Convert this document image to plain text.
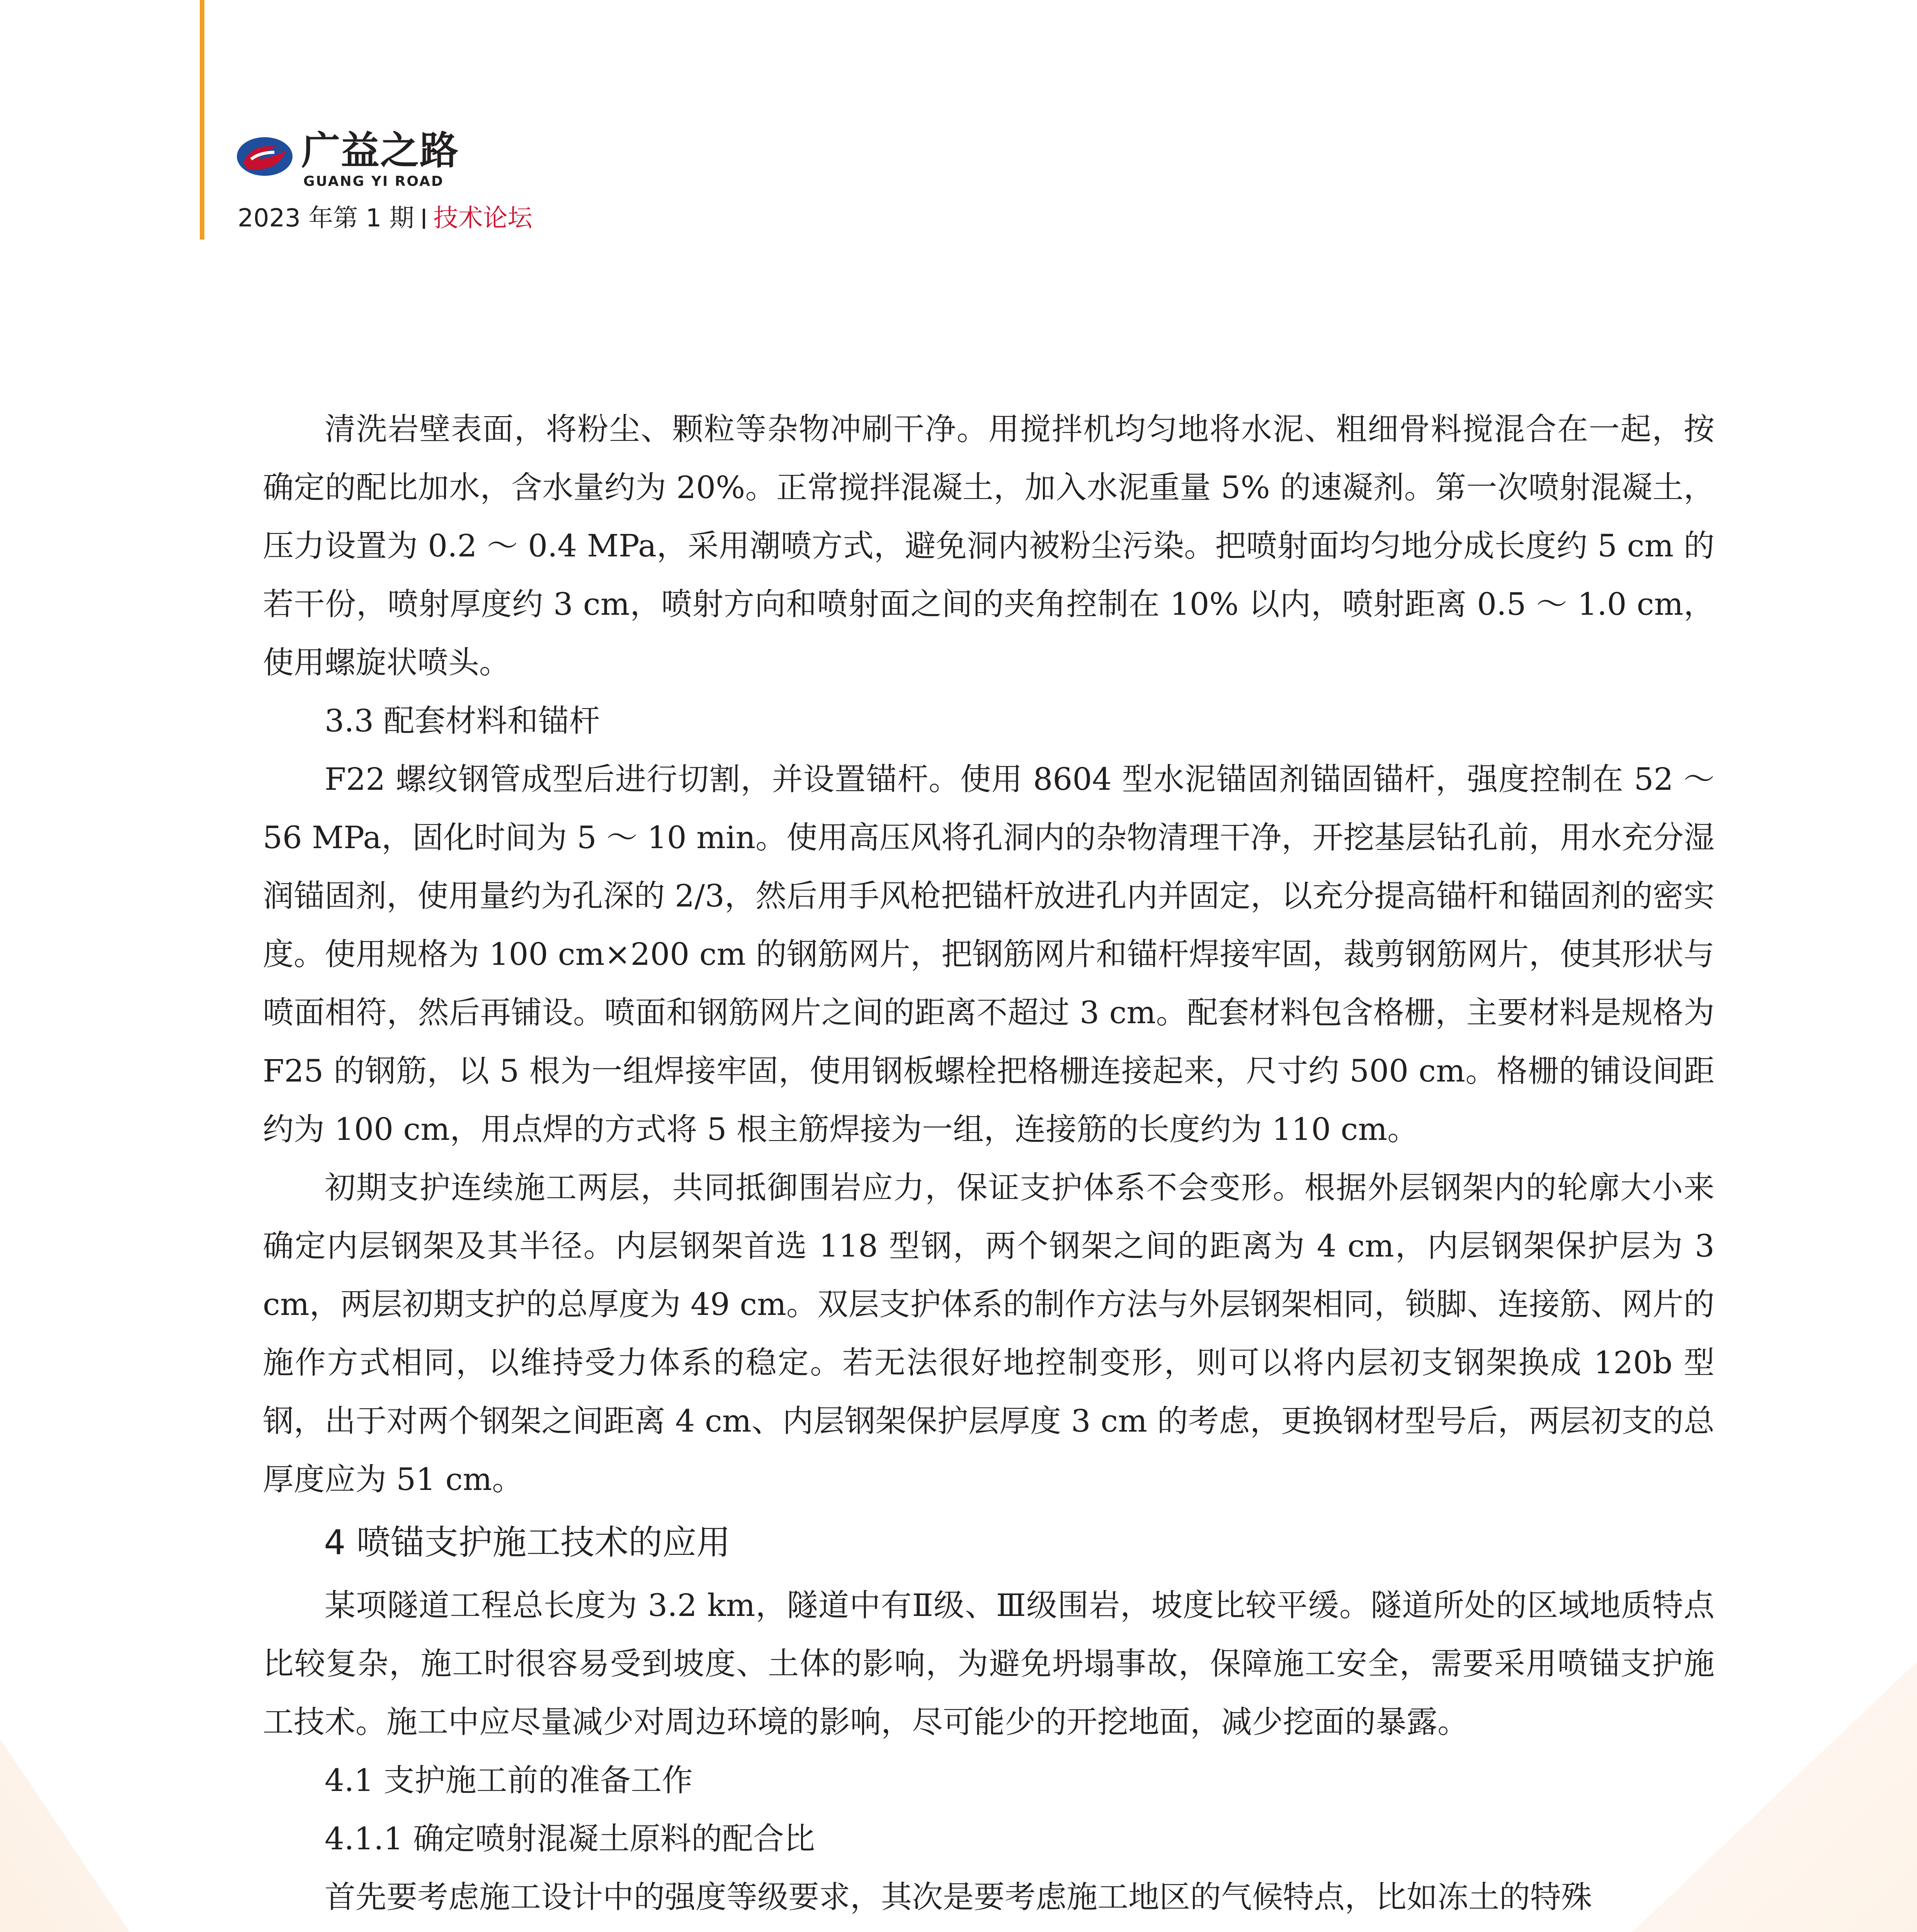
广益之路
GUANG YI ROAD
2023 年第 1 期 技术论坛

清洗岩壁表面，将粉尘、颗粒等杂物冲刷干净。用搅拌机均匀地将水泥、粗细骨料搅混合在一起，按确定的配比加水，含水量约为 20%。正常搅拌混凝土，加入水泥重量 5% 的速凝剂。第一次喷射混凝土，压力设置为 0.2 ～ 0.4 MPa，采用潮喷方式，避免洞内被粉尘污染。把喷射面均匀地分成长度约 5 cm 的若干份，喷射厚度约 3 cm，喷射方向和喷射面之间的夹角控制在 10% 以内，喷射距离 0.5 ～ 1.0 cm，使用螺旋状喷头。

3.3 配套材料和锚杆

F22 螺纹钢管成型后进行切割，并设置锚杆。使用 8604 型水泥锚固剂锚固锚杆，强度控制在 52 ～ 56 MPa，固化时间为 5 ～ 10 min。使用高压风将孔洞内的杂物清理干净，开挖基层钻孔前，用水充分湿润锚固剂，使用量约为孔深的 2/3，然后用手风枪把锚杆放进孔内并固定，以充分提高锚杆和锚固剂的密实度。使用规格为 100 cm×200 cm 的钢筋网片，把钢筋网片和锚杆焊接牢固，裁剪钢筋网片，使其形状与喷面相符，然后再铺设。喷面和钢筋网片之间的距离不超过 3 cm。配套材料包含格栅，主要材料是规格为 F25 的钢筋，以 5 根为一组焊接牢固，使用钢板螺栓把格栅连接起来，尺寸约 500 cm。格栅的铺设间距约为 100 cm，用点焊的方式将 5 根主筋焊接为一组，连接筋的长度约为 110 cm。

初期支护连续施工两层，共同抵御围岩应力，保证支护体系不会变形。根据外层钢架内的轮廓大小来确定内层钢架及其半径。内层钢架首选 118 型钢，两个钢架之间的距离为 4 cm，内层钢架保护层为 3 cm，两层初期支护的总厚度为 49 cm。双层支护体系的制作方法与外层钢架相同，锁脚、连接筋、网片的施作方式相同，以维持受力体系的稳定。若无法很好地控制变形，则可以将内层初支钢架换成 120b 型钢，出于对两个钢架之间距离 4 cm、内层钢架保护层厚度 3 cm 的考虑，更换钢材型号后，两层初支的总厚度应为 51 cm。

4 喷锚支护施工技术的应用

某项隧道工程总长度为 3.2 km，隧道中有Ⅱ级、Ⅲ级围岩，坡度比较平缓。隧道所处的区域地质特点比较复杂，施工时很容易受到坡度、土体的影响，为避免坍塌事故，保障施工安全，需要采用喷锚支护施工技术。施工中应尽量减少对周边环境的影响，尽可能少的开挖地面，减少挖面的暴露。

4.1 支护施工前的准备工作

4.1.1 确定喷射混凝土原料的配合比

首先要考虑施工设计中的强度等级要求，其次是要考虑施工地区的气候特点，比如冻土的特殊
